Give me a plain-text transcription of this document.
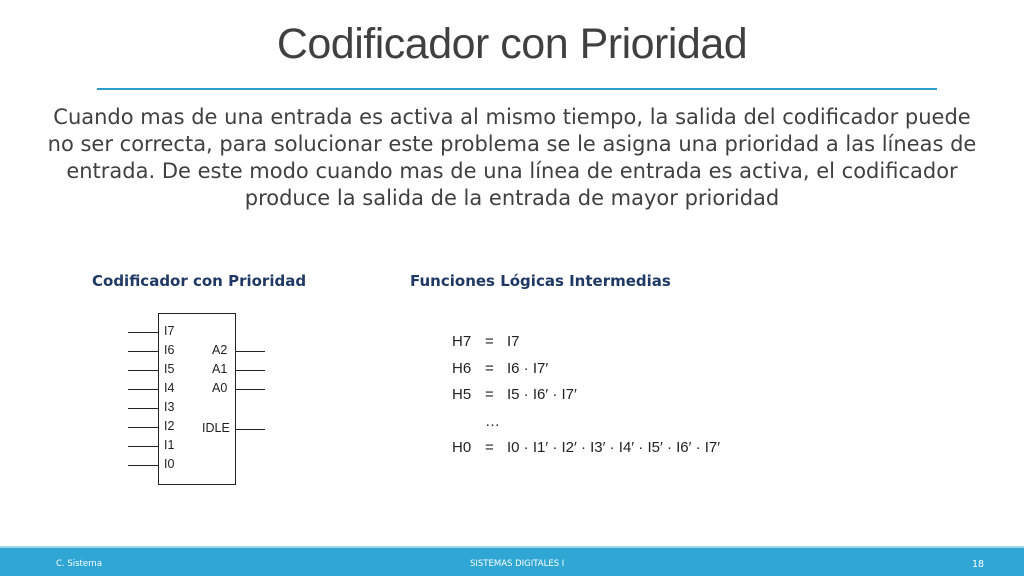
Codificador con Prioridad
Cuando mas de una entrada es activa al mismo tiempo, la salida del codificador puede no ser correcta, para solucionar este problema se le asigna una prioridad a las líneas de entrada. De este modo cuando mas de una línea de entrada es activa, el codificador produce la salida de la entrada de mayor prioridad
Codificador con Prioridad	Funciones Lógicas Intermedias
I7
I6
I5
I4
I3
I2
I1
I0
A2
A1
A0
IDLE
H7 = I7
H6 = I6 · I7′
H5 = I5 · I6′ · I7′
…
H0 = I0 · I1′ · I2′ · I3′ · I4′ · I5′ · I6′ · I7′
C. Sisterna	SISTEMAS DIGITALES I	18
